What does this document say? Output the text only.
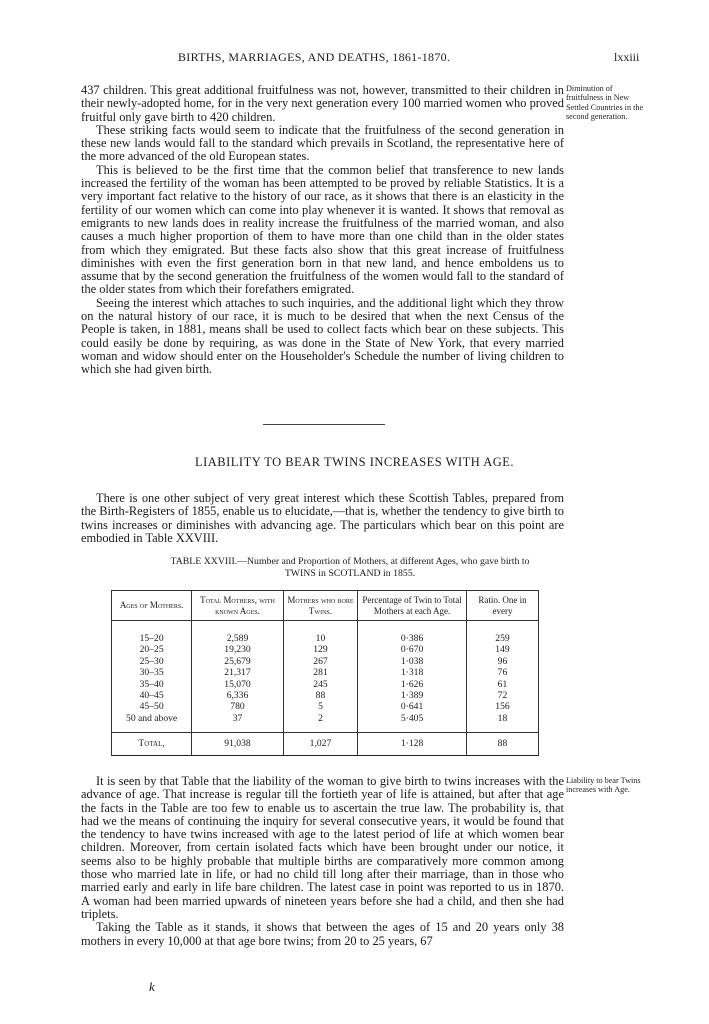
BIRTHS, MARRIAGES, AND DEATHS, 1861-1870.	lxxiii

437 children. This great additional fruitfulness was not, however, transmitted to their children in their newly-adopted home, for in the very next generation every 100 married women who proved fruitful only gave birth to 420 children.

These striking facts would seem to indicate that the fruitfulness of the second generation in these new lands would fall to the standard which prevails in Scotland, the representative here of the more advanced of the old European states.

This is believed to be the first time that the common belief that transference to new lands increased the fertility of the woman has been attempted to be proved by reliable Statistics. It is a very important fact relative to the history of our race, as it shows that there is an elasticity in the fertility of our women which can come into play whenever it is wanted. It shows that removal as emigrants to new lands does in reality increase the fruitfulness of the married woman, and also causes a much higher proportion of them to have more than one child than in the older states from which they emigrated. But these facts also show that this great increase of fruitfulness diminishes with even the first generation born in that new land, and hence emboldens us to assume that by the second generation the fruitfulness of the women would fall to the standard of the older states from which their forefathers emigrated.

Seeing the interest which attaches to such inquiries, and the additional light which they throw on the natural history of our race, it is much to be desired that when the next Census of the People is taken, in 1881, means shall be used to collect facts which bear on these subjects. This could easily be done by requiring, as was done in the State of New York, that every married woman and widow should enter on the Householder's Schedule the number of living children to which she had given birth.

Diminution of fruitfulness in New Settled Countries in the second generation.
LIABILITY TO BEAR TWINS INCREASES WITH AGE.

There is one other subject of very great interest which these Scottish Tables, prepared from the Birth-Registers of 1855, enable us to elucidate,—that is, whether the tendency to give birth to twins increases or diminishes with advancing age. The particulars which bear on this point are embodied in Table XXVIII.

TABLE XXVIII.—Number and Proportion of Mothers, at different Ages, who gave birth to
TWINS in SCOTLAND in 1855.
Ages of Mothers.	Total Mothers, with known Ages.	Mothers who bore Twins.	Percentage of Twin to Total Mothers at each Age.	Ratio. One in every

15–20	2,589	10	0·386	259
20–25	19,230	129	0·670	149
25–30	25,679	267	1·038	96
30–35	21,317	281	1·318	76
35–40	15,070	245	1·626	61
40–45	6,336	88	1·389	72
45–50	780	5	0·641	156
50 and above	37	2	5·405	18

Total,	91,038	1,027	1·128	88

It is seen by that Table that the liability of the woman to give birth to twins increases with the advance of age. That increase is regular till the fortieth year of life is attained, but after that age the facts in the Table are too few to enable us to ascertain the true law. The probability is, that had we the means of continuing the inquiry for several consecutive years, it would be found that the tendency to have twins increased with age to the latest period of life at which women bear children. Moreover, from certain isolated facts which have been brought under our notice, it seems also to be highly probable that multiple births are comparatively more common among those who married late in life, or had no child till long after their marriage, than in those who married early and early in life bare children. The latest case in point was reported to us in 1870. A woman had been married upwards of nineteen years before she had a child, and then she had triplets.

Taking the Table as it stands, it shows that between the ages of 15 and 20 years only 38 mothers in every 10,000 at that age bore twins; from 20 to 25 years, 67

Liability to bear Twins increases with Age.
k
